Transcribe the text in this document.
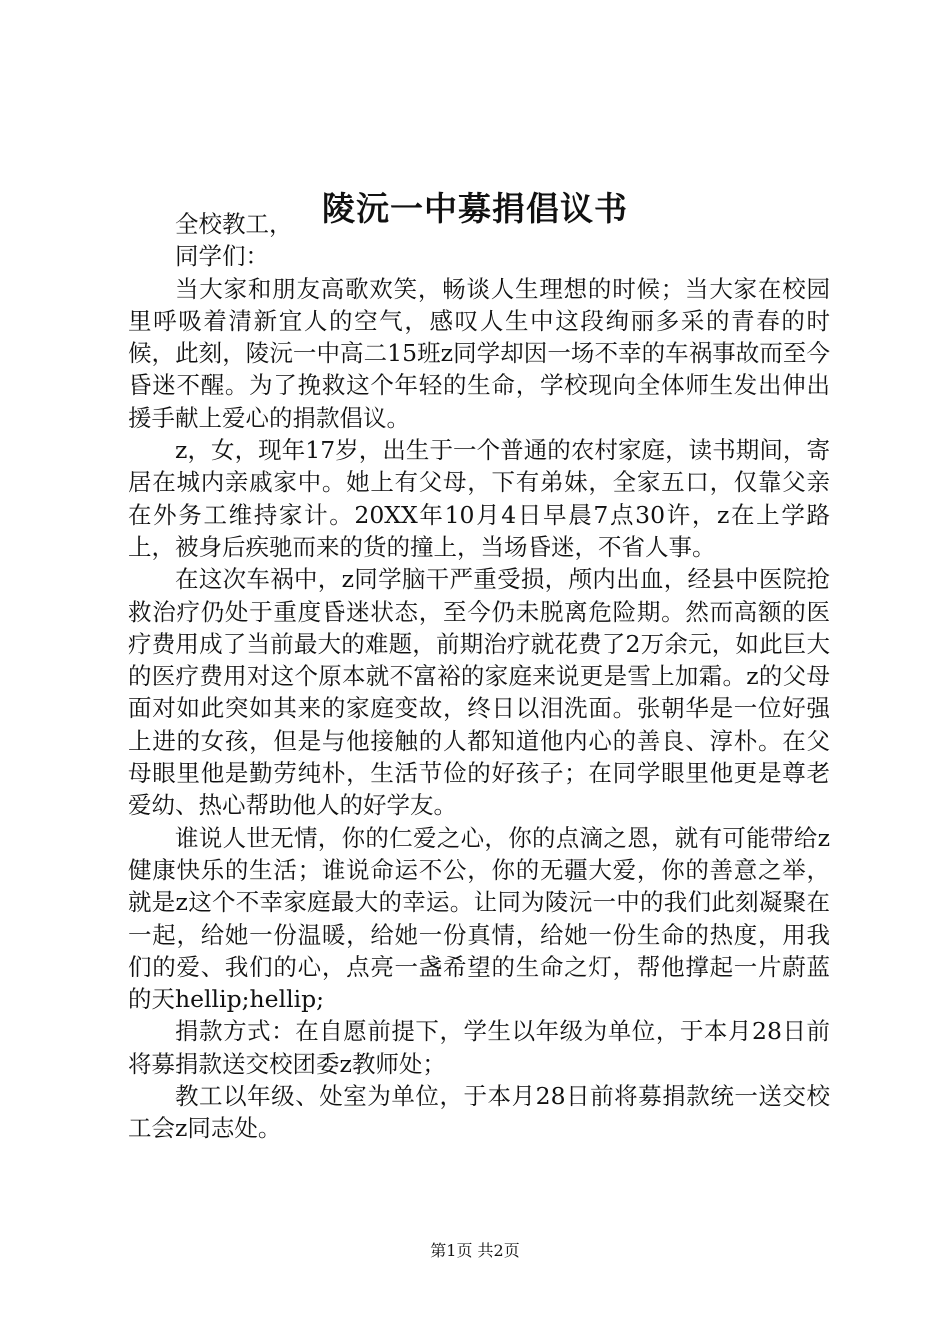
陵沅一中募捐倡议书

全校教工，

同学们：

当大家和朋友高歌欢笑，畅谈人生理想的时候；当大家在校园里呼吸着清新宜人的空气，感叹人生中这段绚丽多采的青春的时候，此刻，陵沅一中高二15班z同学却因一场不幸的车祸事故而至今昏迷不醒。为了挽救这个年轻的生命，学校现向全体师生发出伸出援手献上爱心的捐款倡议。

z，女，现年17岁，出生于一个普通的农村家庭，读书期间，寄居在城内亲戚家中。她上有父母，下有弟妹，全家五口，仅靠父亲在外务工维持家计。20XX年10月4日早晨7点30许，z在上学路上，被身后疾驰而来的货的撞上，当场昏迷，不省人事。

在这次车祸中，z同学脑干严重受损，颅内出血，经县中医院抢救治疗仍处于重度昏迷状态，至今仍未脱离危险期。然而高额的医疗费用成了当前最大的难题，前期治疗就花费了2万余元，如此巨大的医疗费用对这个原本就不富裕的家庭来说更是雪上加霜。z的父母面对如此突如其来的家庭变故，终日以泪洗面。张朝华是一位好强上进的女孩，但是与他接触的人都知道他内心的善良、淳朴。在父母眼里他是勤劳纯朴，生活节俭的好孩子；在同学眼里他更是尊老爱幼、热心帮助他人的好学友。

谁说人世无情，你的仁爱之心，你的点滴之恩，就有可能带给z健康快乐的生活；谁说命运不公，你的无疆大爱，你的善意之举，就是z这个不幸家庭最大的幸运。让同为陵沅一中的我们此刻凝聚在一起，给她一份温暖，给她一份真情，给她一份生命的热度，用我们的爱、我们的心，点亮一盏希望的生命之灯，帮他撑起一片蔚蓝的天hellip;hellip;

捐款方式：在自愿前提下，学生以年级为单位，于本月28日前将募捐款送交校团委z教师处；

教工以年级、处室为单位，于本月28日前将募捐款统一送交校工会z同志处。

第1页 共2页
